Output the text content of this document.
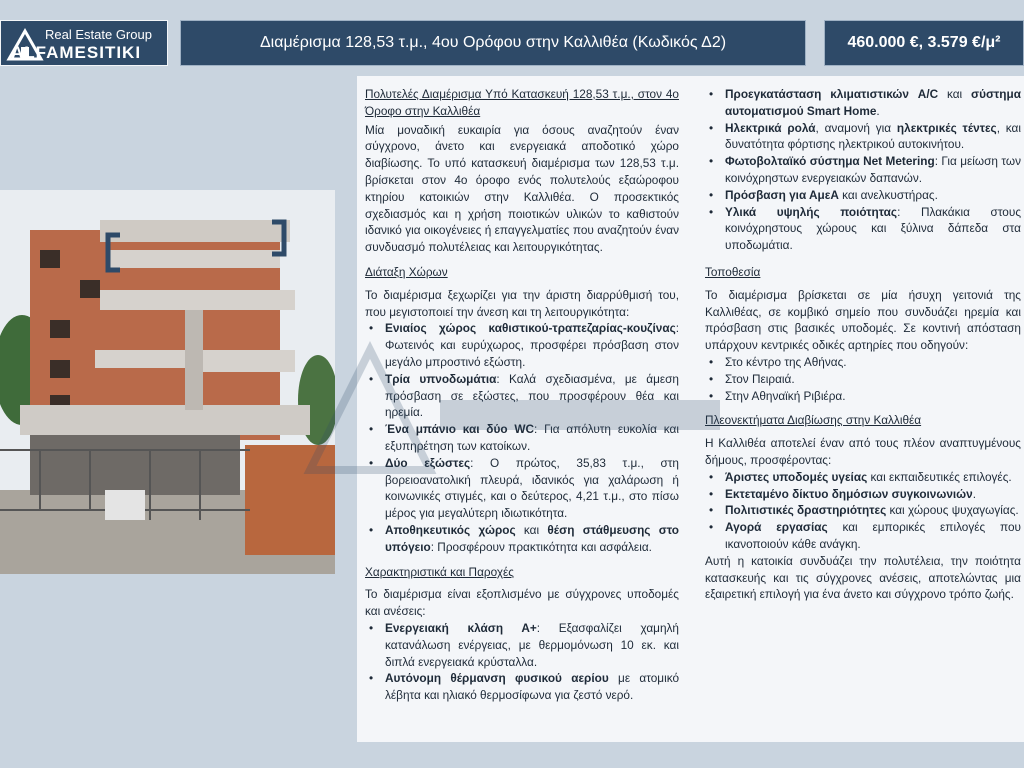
Real Estate Group
ALFAMESITIKI
Διαμέρισμα 128,53 τ.μ., 4ου Ορόφου στην Καλλιθέα (Κωδικός Δ2)	460.000 €, 3.579 €/μ²

Πολυτελές Διαμέρισμα Υπό Κατασκευή 128,53 τ.μ., στον 4ο Όροφο στην Καλλιθέα

Μία μοναδική ευκαιρία για όσους αναζητούν έναν σύγχρονο, άνετο και ενεργειακά αποδοτικό χώρο διαβίωσης. Το υπό κατασκευή διαμέρισμα των 128,53 τ.μ. βρίσκεται στον 4ο όροφο ενός πολυτελούς εξαώροφου κτηρίου κατοικιών στην Καλλιθέα. Ο προσεκτικός σχεδιασμός και η χρήση ποιοτικών υλικών το καθιστούν ιδανικό για οικογένειες ή επαγγελματίες που αναζητούν έναν συνδυασμό πολυτέλειας και λειτουργικότητας.

Διάταξη Χώρων

Το διαμέρισμα ξεχωρίζει για την άριστη διαρρύθμισή του, που μεγιστοποιεί την άνεση και τη λειτουργικότητα:

• Ενιαίος χώρος καθιστικού-τραπεζαρίας-κουζίνας: Φωτεινός και ευρύχωρος, προσφέρει πρόσβαση στον μεγάλο μπροστινό εξώστη.
• Τρία υπνοδωμάτια: Καλά σχεδιασμένα, με άμεση πρόσβαση σε εξώστες, που προσφέρουν θέα και ηρεμία.
• Ένα μπάνιο και δύο WC: Για απόλυτη ευκολία και εξυπηρέτηση των κατοίκων.
• Δύο εξώστες: Ο πρώτος, 35,83 τ.μ., στη βορειοανατολική πλευρά, ιδανικός για χαλάρωση ή κοινωνικές στιγμές, και ο δεύτερος, 4,21 τ.μ., στο πίσω μέρος για μεγαλύτερη ιδιωτικότητα.
• Αποθηκευτικός χώρος και θέση στάθμευσης στο υπόγειο: Προσφέρουν πρακτικότητα και ασφάλεια.

Χαρακτηριστικά και Παροχές

Το διαμέρισμα είναι εξοπλισμένο με σύγχρονες υποδομές και ανέσεις:

• Ενεργειακή κλάση Α+: Εξασφαλίζει χαμηλή κατανάλωση ενέργειας, με θερμομόνωση 10 εκ. και διπλά ενεργειακά κρύσταλλα.
• Αυτόνομη θέρμανση φυσικού αερίου με ατομικό λέβητα και ηλιακό θερμοσίφωνα για ζεστό νερό.
• Προεγκατάσταση κλιματιστικών A/C και σύστημα αυτοματισμού Smart Home.
• Ηλεκτρικά ρολά, αναμονή για ηλεκτρικές τέντες, και δυνατότητα φόρτισης ηλεκτρικού αυτοκινήτου.
• Φωτοβολταϊκό σύστημα Net Metering: Για μείωση των κοινόχρηστων ενεργειακών δαπανών.
• Πρόσβαση για ΑμεΑ και ανελκυστήρας.
• Υλικά υψηλής ποιότητας: Πλακάκια στους κοινόχρηστους χώρους και ξύλινα δάπεδα στα υποδωμάτια.

Τοποθεσία

Το διαμέρισμα βρίσκεται σε μία ήσυχη γειτονιά της Καλλιθέας, σε κομβικό σημείο που συνδυάζει ηρεμία και πρόσβαση στις βασικές υποδομές. Σε κοντινή απόσταση υπάρχουν κεντρικές οδικές αρτηρίες που οδηγούν:

• Στο κέντρο της Αθήνας.
• Στον Πειραιά.
• Στην Αθηναϊκή Ριβιέρα.

Πλεονεκτήματα Διαβίωσης στην Καλλιθέα

Η Καλλιθέα αποτελεί έναν από τους πλέον αναπτυγμένους δήμους, προσφέροντας:

• Άριστες υποδομές υγείας και εκπαιδευτικές επιλογές.
• Εκτεταμένο δίκτυο δημόσιων συγκοινωνιών.
• Πολιτιστικές δραστηριότητες και χώρους ψυχαγωγίας.
• Αγορά εργασίας και εμπορικές επιλογές που ικανοποιούν κάθε ανάγκη.

Αυτή η κατοικία συνδυάζει την πολυτέλεια, την ποιότητα κατασκευής και τις σύγχρονες ανέσεις, αποτελώντας μια εξαιρετική επιλογή για ένα άνετο και σύγχρονο τρόπο ζωής.
